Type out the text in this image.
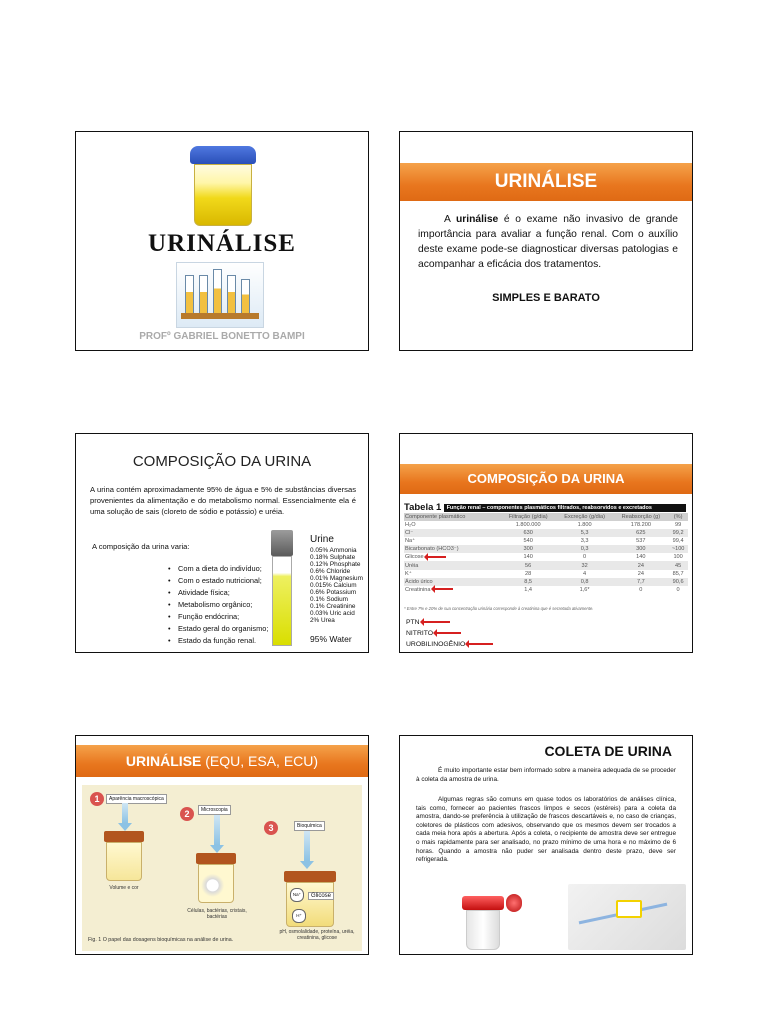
URINÁLISE
PROFº GABRIEL BONETTO BAMPI
URINÁLISE
A urinálise é o exame não invasivo de grande importância para avaliar a função renal. Com o auxílio deste exame pode-se diagnosticar diversas patologias e acompanhar a eficácia dos tratamentos.
SIMPLES E BARATO
COMPOSIÇÃO DA URINA
A urina contém aproximadamente 95% de água e 5% de substâncias diversas provenientes da alimentação e do metabolismo normal. Essencialmente ela é uma solução de sais (cloreto de sódio e potássio) e uréia.
A composição da urina varia:
• Com a dieta do indivíduo;
• Com o estado nutricional;
• Atividade física;
• Metabolismo orgânico;
• Função endócrina;
• Estado geral do organismo;
• Estado da função renal.
Urine
0.05% Ammonia
0.18% Sulphate
0.12% Phosphate
0.6% Chloride
0.01% Magnesium
0.015% Calcium
0.6% Potassium
0.1% Sodium
0.1% Creatinine
0.03% Uric acid
2% Urea
95% Water
COMPOSIÇÃO DA URINA
Tabela 1 Função renal – componentes plasmáticos filtrados, reabsorvidos e excretados
Componente plasmático	Filtração (g/dia)	Excreção (g/dia)	Reabsorção (g)	(%)
H₂O	1.800.000	1.800	178.200	99
Cl⁻	630	5,3	625	99,2
Na⁺	540	3,3	537	99,4
Bicarbonato (HCO3⁻)	300	0,3	300	~100
Glicose	140	0	140	100
Uréia	56	32	24	45
K⁺	28	4	24	85,7
Ácido úrico	8,5	0,8	7,7	90,6
Creatinina	1,4	1,6*	0	0
* Entre 7% e 20% de sua concentração urinária corresponde à creatinina que é secretada ativamente.
PTN
NITRITO
UROBILINOGÊNIO
URINÁLISE (EQU, ESA, ECU)
1	Aparência macroscópica
Volume e cor
2	Microscopia
Células, bactérias, cristais, bactérias
3	Bioquímica
Na⁺	Glicose
H⁺
pH, osmolalidade, proteína, uréia, creatinina, glicose
Fig. 1 O papel das dosagens bioquímicas na análise de urina.
COLETA DE URINA
É muito importante estar bem informado sobre a maneira adequada de se proceder à coleta da amostra de urina.
Algumas regras são comuns em quase todos os laboratórios de análises clínica, tais como, fornecer ao pacientes frascos limpos e secos (estéreis) para a coleta da amostra, dando-se preferência à utilização de frascos descartáveis e, no caso de crianças, coletores de plásticos com adesivos, observando que os mesmos devem ser trocados a cada meia hora após a abertura. Após a coleta, o recipiente de amostra deve ser entregue o mais rapidamente para ser analisado, no prazo mínimo de uma hora e no máximo de 6 horas. Quando a amostra não puder ser analisada dentro deste prazo, deve ser refrigerada.
